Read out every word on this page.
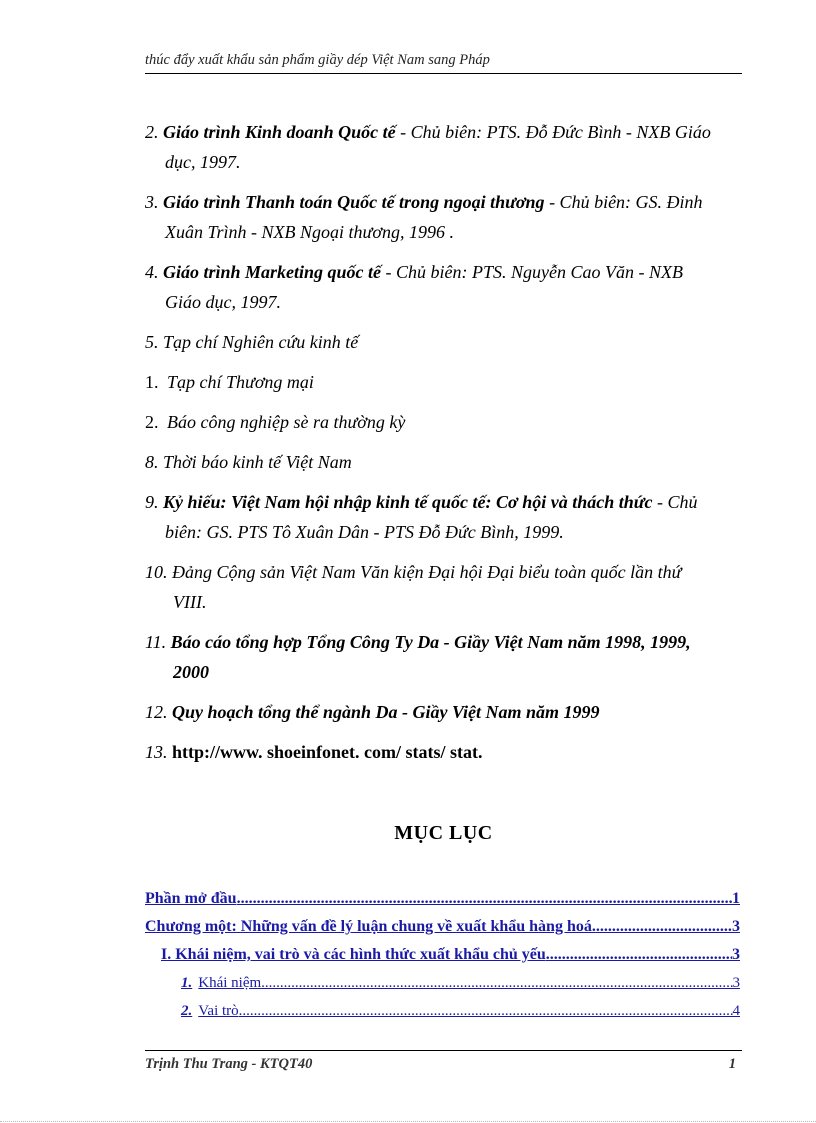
thúc đẩy xuất khẩu sản phẩm giầy dép Việt Nam sang Pháp
2. Giáo trình Kinh doanh Quốc tế - Chủ biên: PTS. Đỗ Đức Bình - NXB Giáo
dục, 1997.
3. Giáo trình Thanh toán Quốc tế trong ngoại thương - Chủ biên: GS. Đinh
Xuân Trình - NXB Ngoại thương, 1996 .
4. Giáo trình Marketing quốc tế - Chủ biên: PTS. Nguyễn Cao Văn - NXB
Giáo dục, 1997.
5. Tạp chí Nghiên cứu kinh tế
1. Tạp chí Thương mại
2. Báo công nghiệp sè ra thường kỳ
8. Thời báo kinh tế Việt Nam
9. Kỷ hiếu: Việt Nam hội nhập kinh tế quốc tế: Cơ hội và thách thức - Chủ
biên: GS. PTS Tô Xuân Dân - PTS Đỗ Đức Bình, 1999.
10. Đảng Cộng sản Việt Nam Văn kiện Đại hội Đại biểu toàn quốc lần thứ
VIII.
11. Báo cáo tổng hợp Tổng Công Ty Da - Giầy Việt Nam năm 1998, 1999,
2000
12. Quy hoạch tổng thể ngành Da - Giầy Việt Nam năm 1999
13. http://www. shoeinfonet. com/ stats/ stat.
MỤC LỤC
Phần mở đầu .....	1
Chương một: Những vấn đề lý luận chung về xuất khẩu hàng hoá. .....	3
I. Khái niệm, vai trò và các hình thức xuất khẩu chủ yếu .....	3
1. Khái niệm .....	3
2. Vai trò .....	4
Trịnh Thu Trang - KTQT40	1
